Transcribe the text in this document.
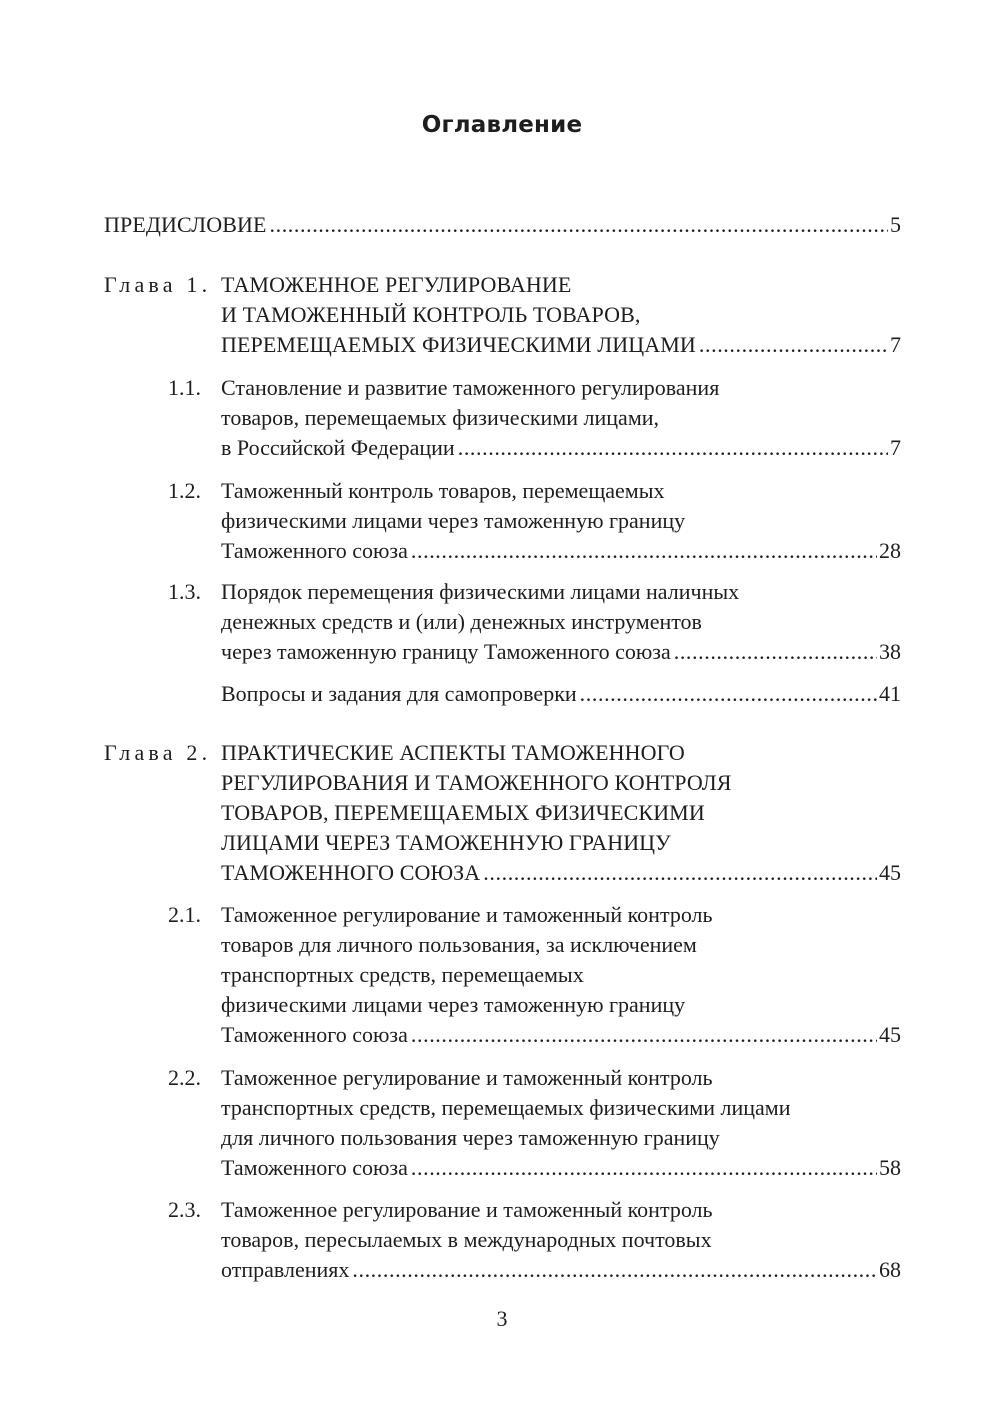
Оглавление
ПРЕДИСЛОВИЕ .....	5
Глава 1. ТАМОЖЕННОЕ РЕГУЛИРОВАНИЕ
И ТАМОЖЕННЫЙ КОНТРОЛЬ ТОВАРОВ,
ПЕРЕМЕЩАЕМЫХ ФИЗИЧЕСКИМИ ЛИЦАМИ .....	7
1.1. Становление и развитие таможенного регулирования
товаров, перемещаемых физическими лицами,
в Российской Федерации .....	7
1.2. Таможенный контроль товаров, перемещаемых
физическими лицами через таможенную границу
Таможенного союза .....	28
1.3. Порядок перемещения физическими лицами наличных
денежных средств и (или) денежных инструментов
через таможенную границу Таможенного союза .....	38
Вопросы и задания для самопроверки .....	41
Глава 2. ПРАКТИЧЕСКИЕ АСПЕКТЫ ТАМОЖЕННОГО
РЕГУЛИРОВАНИЯ И ТАМОЖЕННОГО КОНТРОЛЯ
ТОВАРОВ, ПЕРЕМЕЩАЕМЫХ ФИЗИЧЕСКИМИ
ЛИЦАМИ ЧЕРЕЗ ТАМОЖЕННУЮ ГРАНИЦУ
ТАМОЖЕННОГО СОЮЗА .....	45
2.1. Таможенное регулирование и таможенный контроль
товаров для личного пользования, за исключением
транспортных средств, перемещаемых
физическими лицами через таможенную границу
Таможенного союза .....	45
2.2. Таможенное регулирование и таможенный контроль
транспортных средств, перемещаемых физическими лицами
для личного пользования через таможенную границу
Таможенного союза .....	58
2.3. Таможенное регулирование и таможенный контроль
товаров, пересылаемых в международных почтовых
отправлениях .....	68
3
